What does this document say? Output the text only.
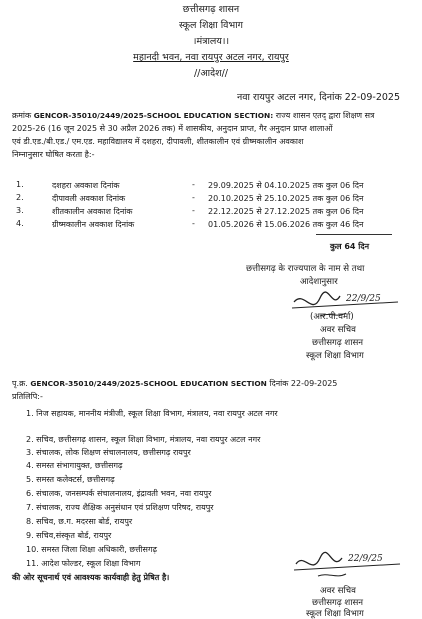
छत्तीसगढ़ शासन
स्कूल शिक्षा विभाग
।मंत्रालय।।
महानदी भवन, नवा रायपुर अटल नगर, रायपुर
//आदेश//
नवा रायपुर अटल नगर, दिनांक 22-09-2025
क्रमांक GENCOR-35010/2449/2025-SCHOOL EDUCATION SECTION: राज्य शासन एतद् द्वारा शिक्षण सत्र
2025-26 (16 जून 2025 से 30 अप्रैल 2026 तक) में शासकीय, अनुदान प्राप्त, गैर अनुदान प्राप्त शालाओं
एवं डी.एड./बी.एड./ एम.एड. महाविद्यालय में दशहरा, दीपावली, शीतकालीन एवं ग्रीष्मकालीन अवकाश
निम्नानुसार घोषित करता है:-
1.	दशहरा अवकाश दिनांक	- 29.09.2025 से 04.10.2025 तक कुल 06 दिन
2.	दीपावली अवकाश दिनांक	- 20.10.2025 से 25.10.2025 तक कुल 06 दिन
3.	शीतकालीन अवकाश दिनांक	- 22.12.2025 से 27.12.2025 तक कुल 06 दिन
4.	ग्रीष्मकालीन अवकाश दिनांक	- 01.05.2026 से 15.06.2026 तक कुल 46 दिन
कुल 64 दिन
छत्तीसगढ़ के राज्यपाल के नाम से तथा
आदेशानुसार
22/9/25
(आर.पी.वर्मा)
अवर सचिव
छत्तीसगढ़ शासन
स्कूल शिक्षा विभाग
पृ.क्र. GENCOR-35010/2449/2025-SCHOOL EDUCATION SECTION दिनांक 22-09-2025
प्रतिलिपि:-
1. निज सहायक, माननीय मंत्रीजी, स्कूल शिक्षा विभाग, मंत्रालय, नवा रायपुर अटल नगर
2. सचिव, छत्तीसगढ़ शासन, स्कूल शिक्षा विभाग, मंत्रालय, नवा रायपुर अटल नगर
3. संचालक, लोक शिक्षण संचालनालय, छत्तीसगढ़ रायपुर
4. समस्त संभागायुक्त, छत्तीसगढ़
5. समस्त कलेक्टर्स, छत्तीसगढ़
6. संचालक, जनसम्पर्क संचालनालय, इंद्रावती भवन, नवा रायपुर
7. संचालक, राज्य शैक्षिक अनुसंधान एवं प्रशिक्षण परिषद, रायपुर
8. सचिव, छ.ग. मदरसा बोर्ड, रायपुर
9. सचिव,संस्कृत बोर्ड, रायपुर
10. समस्त जिला शिक्षा अधिकारी, छत्तीसगढ़
11. आदेश फोल्डर, स्कूल शिक्षा विभाग
की ओर सूचनार्थ एवं आवश्यक कार्यवाही हेतु प्रेषित है।
22/9/25
अवर सचिव
छत्तीसगढ़ शासन
स्कूल शिक्षा विभाग
